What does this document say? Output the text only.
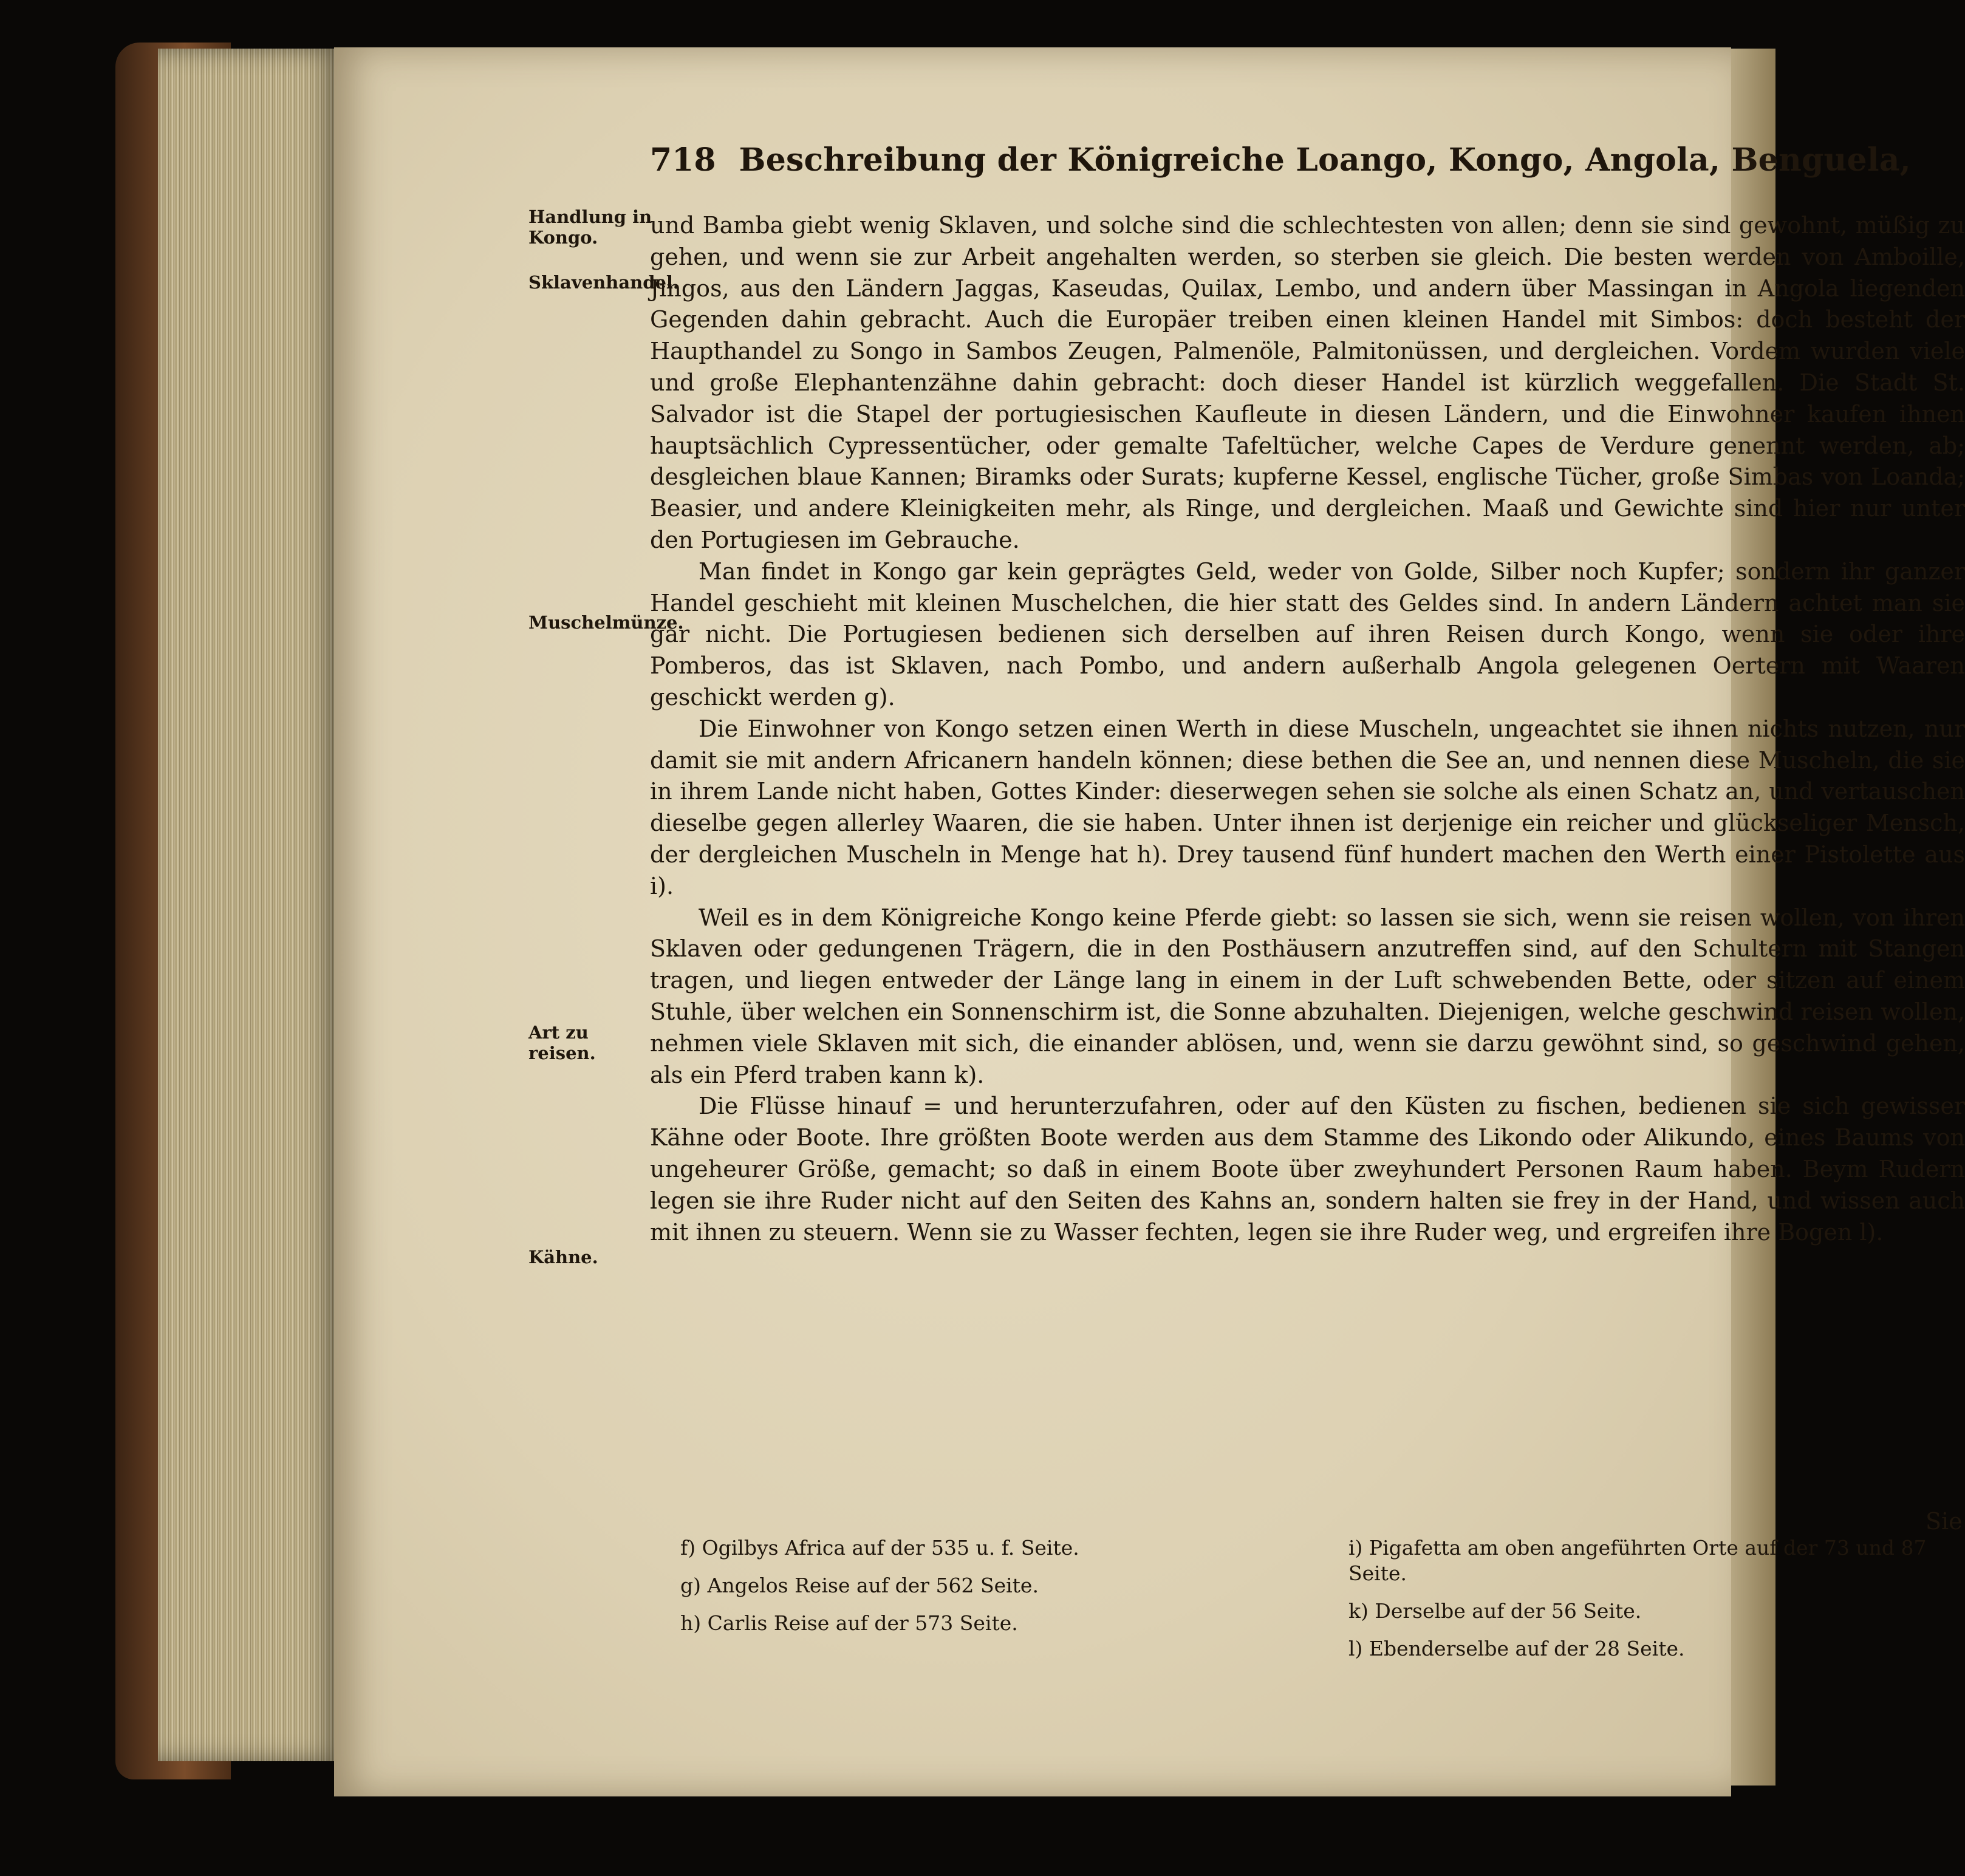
718 Beschreibung der Königreiche Loango, Kongo, Angola, Benguela,

und Bamba giebt wenig Sklaven, und solche sind die schlechtesten von allen; denn sie sind gewohnt, müßig zu gehen, und wenn sie zur Arbeit angehalten werden, so sterben sie gleich. Die besten werden von Amboille, Jingos, aus den Ländern Jaggas, Kaseudas, Quilax, Lembo, und andern über Massingan in Angola liegenden Gegenden dahin gebracht. Auch die Europäer treiben einen kleinen Handel mit Simbos: doch besteht der Haupthandel zu Songo in Sambos Zeugen, Palmenöle, Palmitonüssen, und dergleichen. Vordem wurden viele und große Elephantenzähne dahin gebracht: doch dieser Handel ist kürzlich weggefallen. Die Stadt St. Salvador ist die Stapel der portugiesischen Kaufleute in diesen Ländern, und die Einwohner kaufen ihnen hauptsächlich Cypressentücher, oder gemalte Tafeltücher, welche Capes de Verdure genennt werden, ab; desgleichen blaue Kannen; Biramks oder Surats; kupferne Kessel, englische Tücher, große Simbas von Loanda; Beasier, und andere Kleinigkeiten mehr, als Ringe, und dergleichen. Maaß und Gewichte sind hier nur unter den Portugiesen im Gebrauche.

Man findet in Kongo gar kein geprägtes Geld, weder von Golde, Silber noch Kupfer; sondern ihr ganzer Handel geschieht mit kleinen Muschelchen, die hier statt des Geldes sind. In andern Ländern achtet man sie gar nicht. Die Portugiesen bedienen sich derselben auf ihren Reisen durch Kongo, wenn sie oder ihre Pomberos, das ist Sklaven, nach Pombo, und andern außerhalb Angola gelegenen Oertern mit Waaren geschickt werden g).

Die Einwohner von Kongo setzen einen Werth in diese Muscheln, ungeachtet sie ihnen nichts nutzen, nur damit sie mit andern Africanern handeln können; diese bethen die See an, und nennen diese Muscheln, die sie in ihrem Lande nicht haben, Gottes Kinder: dieserwegen sehen sie solche als einen Schatz an, und vertauschen dieselbe gegen allerley Waaren, die sie haben. Unter ihnen ist derjenige ein reicher und glückseliger Mensch, der dergleichen Muscheln in Menge hat h). Drey tausend fünf hundert machen den Werth einer Pistolette aus i).

Weil es in dem Königreiche Kongo keine Pferde giebt: so lassen sie sich, wenn sie reisen wollen, von ihren Sklaven oder gedungenen Trägern, die in den Posthäusern anzutreffen sind, auf den Schultern mit Stangen tragen, und liegen entweder der Länge lang in einem in der Luft schwebenden Bette, oder sitzen auf einem Stuhle, über welchen ein Sonnenschirm ist, die Sonne abzuhalten. Diejenigen, welche geschwind reisen wollen, nehmen viele Sklaven mit sich, die einander ablösen, und, wenn sie darzu gewöhnt sind, so geschwind gehen, als ein Pferd traben kann k).

Die Flüsse hinauf = und herunterzufahren, oder auf den Küsten zu fischen, bedienen sie sich gewisser Kähne oder Boote. Ihre größten Boote werden aus dem Stamme des Likondo oder Alikundo, eines Baums von ungeheurer Größe, gemacht; so daß in einem Boote über zweyhundert Personen Raum haben. Beym Rudern legen sie ihre Ruder nicht auf den Seiten des Kahns an, sondern halten sie frey in der Hand, und wissen auch mit ihnen zu steuern. Wenn sie zu Wasser fechten, legen sie ihre Ruder weg, und ergreifen ihre Bogen l).

Handlung in Kongo.
Sklavenhandel.
Muschelmünze.
Art zu reisen.
Kähne.
Sie

f) Ogilbys Africa auf der 535 u. f. Seite.

g) Angelos Reise auf der 562 Seite.

h) Carlis Reise auf der 573 Seite.

i) Pigafetta am oben angeführten Orte auf der 73 und 87 Seite.

k) Derselbe auf der 56 Seite.

l) Ebenderselbe auf der 28 Seite.
